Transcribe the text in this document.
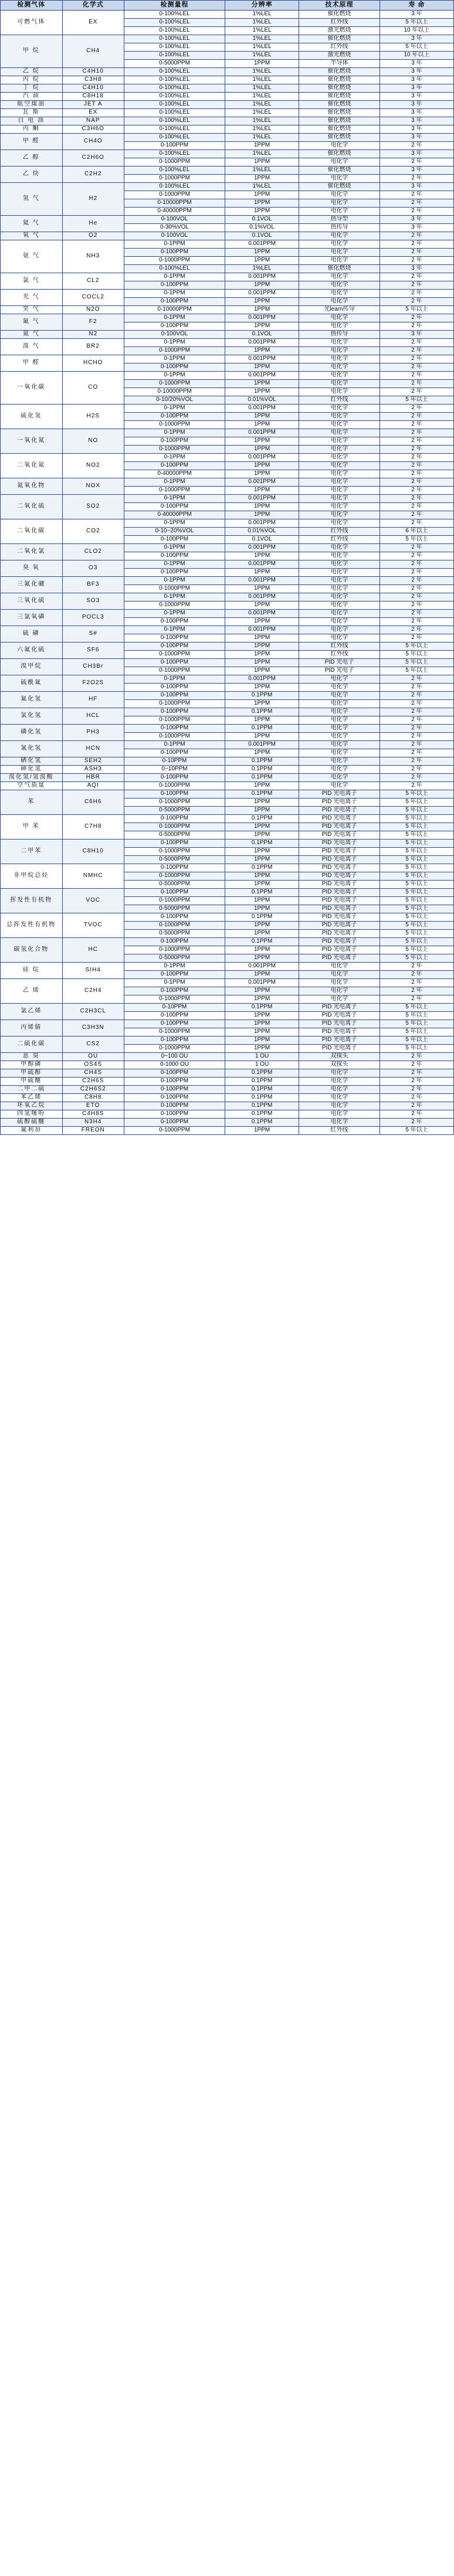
检测气体	化学式	检测量程	分辨率	技术原理	寿 命
可燃气体	EX	0-100%LEL	1%LEL	催化燃烧	3 年
		0-100%LEL	1%LEL	红外线	5 年以上
		0-100%LEL	1%LEL	激光燃烧	10 年以上
甲 烷	CH4	0-100%LEL	1%LEL	催化燃烧	3 年
		0-100%LEL	1%LEL	红外线	5 年以上
		0-100%LEL	1%LEL	激光燃烧	10 年以上
		0-5000PPM	1PPM	半导体	3 年
乙 烷	C4H10	0-100%LEL	1%LEL	催化燃烧	3 年
丙 烷	C3H8	0-100%LEL	1%LEL	催化燃烧	3 年
丁 烷	C4H10	0-100%LEL	1%LEL	催化燃烧	3 年
汽 油	C8H18	0-100%LEL	1%LEL	催化燃烧	3 年
航空煤油	JET A	0-100%LEL	1%LEL	催化燃烧	3 年
瓦 斯	EX	0-100%LEL	1%LEL	催化燃烧	3 年
白 电 油	NAP	0-100%LEL	1%LEL	催化燃烧	3 年
丙 酮	C3H6O	0-100%LEL	1%LEL	催化燃烧	3 年
甲 醛	CH4O	0-100%LEL	1%LEL	催化燃烧	3 年
		0-100PPM	1PPM	电化学	2 年
乙 醇	C2H6O	0-100%LEL	1%LEL	催化燃烧	3 年
		0-1000PPM	1PPM	电化学	2 年
乙 炔	C2H2	0-100%LEL	1%LEL	催化燃烧	3 年
		0-1000PPM	1PPM	电化学	2 年
氢 气	H2	0-100%LEL	1%LEL	催化燃烧	3 年
		0-1000PPM	1PPM	电化学	2 年
		0-10000PPM	1PPM	电化学	2 年
		0-40000PPM	1PPM	电化学	2 年
氦 气	He	0-100VOL	0.1VOL	热导型	3 年
		0-30%VOL	0.1%VOL	热传导	3 年
氧 气	O2	0-100VOL	0.1VOL	电化学	2 年
氨 气	NH3	0-1PPM	0.001PPM	电化学	2 年
		0-100PPM	1PPM	电化学	2 年
		0-1000PPM	1PPM	电化学	2 年
		0-100%LEL	1%LEL	催化燃烧	3 年
氯 气	CL2	0-1PPM	0.001PPM	电化学	2 年
		0-100PPM	1PPM	电化学	2 年
光 气	COCL2	0-1PPM	0.001PPM	电化学	2 年
		0-100PPM	1PPM	电化学	2 年
笑 气	N2O	0-10000PPM	1PPM	光learn传导	5 年以上
氟 气	F2	0-1PPM	0.001PPM	电化学	2 年
		0-100PPM	1PPM	电化学	2 年
氮 气	N2	0-100VOL	0.1VOL	热传导	3 年
溴 气	BR2	0-1PPM	0.001PPM	电化学	2 年
		0-1000PPM	1PPM	电化学	2 年
甲 醛	HCHO	0-1PPM	0.001PPM	电化学	2 年
		0-100PPM	1PPM	电化学	2 年
一氧化碳	CO	0-1PPM	0.001PPM	电化学	2 年
		0-1000PPM	1PPM	电化学	2 年
		0-10000PPM	1PPM	电化学	2 年
		0-10/20%VOL	0.01%VOL	红外线	5 年以上
硫化氢	H2S	0-1PPM	0.001PPM	电化学	2 年
		0-100PPM	1PPM	电化学	2 年
		0-1000PPM	1PPM	电化学	2 年
一氧化氮	NO	0-1PPM	0.001PPM	电化学	2 年
		0-100PPM	1PPM	电化学	2 年
		0-1000PPM	1PPM	电化学	2 年
二氧化氮	NO2	0-1PPM	0.001PPM	电化学	2 年
		0-100PPM	1PPM	电化学	2 年
		0-40000PPM	1PPM	电化学	2 年
氮氧化物	NOX	0-1PPM	0.001PPM	电化学	2 年
		0-1000PPM	1PPM	电化学	2 年
二氧化硫	SO2	0-1PPM	0.001PPM	电化学	2 年
		0-100PPM	1PPM	电化学	2 年
		0-40000PPM	1PPM	电化学	2 年
二氧化碳	CO2	0-1PPM	0.001PPM	电化学	2 年
		0-10~20%VOL	0.01%VOL	红外线	6 年以上
		0-100PPM	0.1VOL	红外线	5 年以上
二氧化氯	CLO2	0-1PPM	0.001PPM	电化学	2 年
		0-100PPM	1PPM	电化学	2 年
臭 氧	O3	0-1PPM	0.001PPM	电化学	2 年
		0-100PPM	1PPM	电化学	2 年
三氟化硼	BF3	0-1PPM	0.001PPM	电化学	2 年
		0-1000PPM	1PPM	电化学	2 年
三氧化硫	SO3	0-1PPM	0.001PPM	电化学	2 年
		0-1000PPM	1PPM	电化学	2 年
三氯氧磷	POCL3	0-1PPM	0.001PPM	电化学	2 年
		0-100PPM	1PPM	电化学	2 年
硫 磷	S#	0-1PPM	0.001PPM	电化学	2 年
		0-100PPM	1PPM	电化学	2 年
六氟化硫	SF6	0-100PPM	1PPM	红外线	5 年以上
		0-1000PPM	1PPM	红外线	5 年以上
溴甲烷	CH3Br	0-100PPM	1PPM	PID 光电子	5 年以上
		0-1000PPM	1PPM	PID 光电子	5 年以上
硫酰氟	F2O2S	0-1PPM	0.001PPM	电化学	2 年
		0-100PPM	1PPM	电化学	2 年
氟化氢	HF	0-100PPM	0.1PPM	电化学	2 年
		0-1000PPM	1PPM	电化学	2 年
氯化氢	HCL	0-100PPM	0.1PPM	电化学	2 年
		0-1000PPM	1PPM	电化学	2 年
磷化氢	PH3	0-100PPM	0.1PPM	电化学	2 年
		0-1000PPM	1PPM	电化学	2 年
氰化氢	HCN	0-1PPM	0.001PPM	电化学	2 年
		0-100PPM	1PPM	电化学	2 年
硒化氢	SEH2	0-10PPM	0.1PPM	电化学	2 年
砷化氢	ASH3	0~10PPM	0.1PPM	电化学	2 年
溴化氢/氢溴酸	HBR	0-100PPM	0.1PPM	电化学	2 年
空气质量	AQI	0-1000PPM	1PPM	电化学	2 年
苯	C6H6	0-100PPM	0.1PPM	PID 光电离子	5 年以上
		0-1000PPM	1PPM	PID 光电离子	5 年以上
		0-5000PPM	1PPM	PID 光电离子	5 年以上
甲 苯	C7H8	0-100PPM	0.1PPM	PID 光电离子	5 年以上
		0-1000PPM	1PPM	PID 光电离子	5 年以上
		0-5000PPM	1PPM	PID 光电离子	5 年以上
二甲苯	C8H10	0-100PPM	0.1PPM	PID 光电离子	5 年以上
		0-1000PPM	1PPM	PID 光电离子	5 年以上
		0-5000PPM	1PPM	PID 光电离子	5 年以上
非甲烷总烃	NMHC	0-100PPM	0.1PPM	PID 光电离子	5 年以上
		0-1000PPM	1PPM	PID 光电离子	5 年以上
		0-5000PPM	1PPM	PID 光电离子	5 年以上
挥发性有机物	VOC	0-100PPM	0.1PPM	PID 光电离子	5 年以上
		0-1000PPM	1PPM	PID 光电离子	5 年以上
		0-5000PPM	1PPM	PID 光电离子	5 年以上
总挥发性有机物	TVOC	0-100PPM	0.1PPM	PID 光电离子	5 年以上
		0-1000PPM	1PPM	PID 光电离子	5 年以上
		0-5000PPM	1PPM	PID 光电离子	5 年以上
碳氢化合物	HC	0-100PPM	0.1PPM	PID 光电离子	5 年以上
		0-1000PPM	1PPM	PID 光电离子	5 年以上
		0-5000PPM	1PPM	PID 光电离子	5 年以上
硅 烷	SIH4	0-1PPM	0.001PPM	电化学	2 年
		0-100PPM	1PPM	电化学	2 年
乙 烯	C2H4	0-1PPM	0.001PPM	电化学	2 年
		0-100PPM	1PPM	电化学	2 年
		0-1000PPM	1PPM	电化学	2 年
氯乙烯	C2H3CL	0-10PPM	0.1PPM	PID 光电离子	5 年以上
		0-100PPM	1PPM	PID 光电离子	5 年以上
丙烯腈	C3H3N	0-100PPM	1PPM	PID 光电离子	5 年以上
		0-1000PPM	1PPM	PID 光电离子	5 年以上
二硫化碳	CS2	0-100PPM	1PPM	PID 光电离子	5 年以上
		0-1000PPM	1PPM	PID 光电离子	5 年以上
恶 臭	OU	0~100 OU	1 OU	双探头	2 年
甲醇磷	OS4S	0-1000 OU	1 OU	双探头	2 年
甲硫醇	CH4S	0-100PPM	0.1PPM	电化学	2 年
甲硫醚	C2H6S	0-100PPM	0.1PPM	电化学	2 年
二甲二硫	C2H6S2	0-100PPM	0.1PPM	电化学	2 年
苯乙烯	C8H8	0-100PPM	0.1PPM	电化学	2 年
环氧乙烷	ETO	0-100PPM	0.1PPM	电化学	2 年
四氢噻吩	C4H8S	0-100PPM	0.1PPM	电化学	2 年
硫醇硫醚	N3H4	0-100PPM	0.1PPM	电化学	2 年
氟利昂	FREON	0-1000PPM	1PPM	红外线	5 年以上
